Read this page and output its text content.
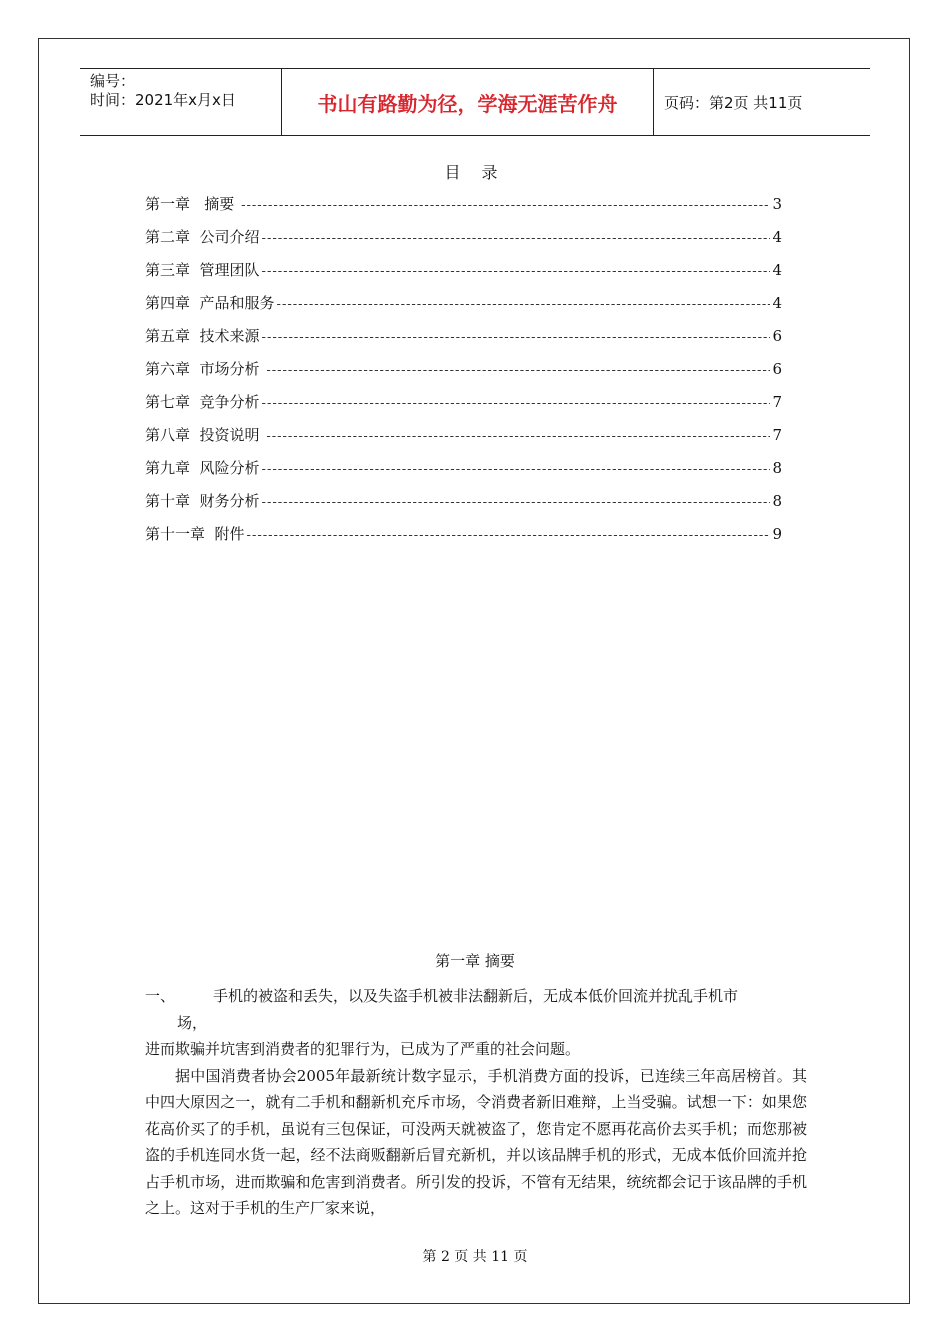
编号：
时间：2021年x月x日	书山有路勤为径，学海无涯苦作舟	页码：第2页 共11页
目 录
第一章   摘要 -----	3
第二章  公司介绍 -----	4
第三章  管理团队 -----	4
第四章  产品和服务 -----	4
第五章  技术来源 -----	6
第六章  市场分析 -----	6
第七章  竞争分析 -----	7
第八章  投资说明 -----	7
第九章  风险分析 -----	8
第十章  财务分析 -----	8
第十一章  附件 -----	9
第一章 摘要
一、	手机的被盗和丢失，以及失盗手机被非法翻新后，无成本低价回流并扰乱手机市
场，
进而欺骗并坑害到消费者的犯罪行为，已成为了严重的社会问题。
据中国消费者协会2005年最新统计数字显示，手机消费方面的投诉，已连续三年高居榜首。其中四大原因之一，就有二手机和翻新机充斥市场，令消费者新旧难辩，上当受骗。试想一下：如果您花高价买了的手机，虽说有三包保证，可没两天就被盗了，您肯定不愿再花高价去买手机；而您那被盗的手机连同水货一起，经不法商贩翻新后冒充新机，并以该品牌手机的形式，无成本低价回流并抢占手机市场，进而欺骗和危害到消费者。所引发的投诉，不管有无结果，统统都会记于该品牌的手机之上。这对于手机的生产厂家来说，
第 2 页 共 11 页
